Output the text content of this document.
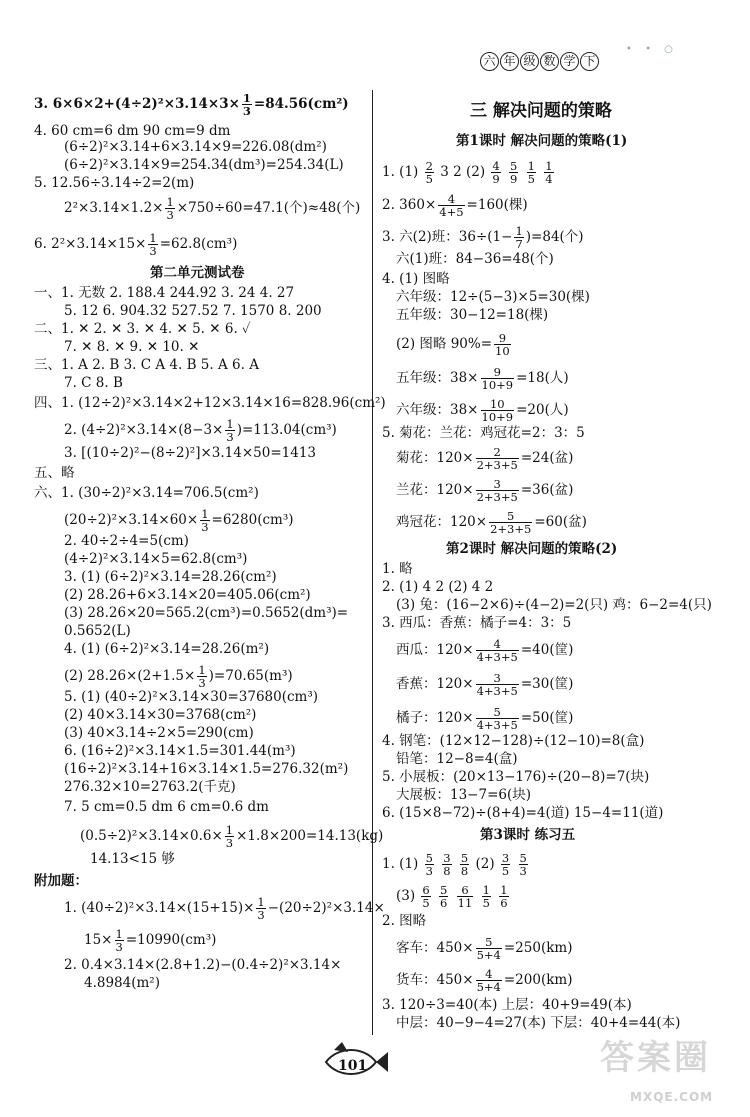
六 年 级 数 学 下
• • ○
3. $6\times 6\times 2+(4\div 2)^2\times 3.14\times 3\times \frac{1}{3} =84.56(cm^2)$
4. 60 cm=6 dm 90 cm=9 dm
(6÷2)²×3.14+6×3.14×9=226.08(dm²)
(6÷2)²×3.14×9=254.34(dm³)=254.34(L)
5. 12.56÷3.14÷2=2(m)
$2^2\times 3.14\times 1.2\times \frac{1}{3} \times 750\div 60=47.1$(个)≈48(个)
6. $2^2\times 3.14\times 15\times \frac{1}{3} =62.8(cm^3)$
第二单元测试卷
一、1. 无数 2. 188.4 244.92 3. 24 4. 27
5. 12 6. 904.32 527.52 7. 1570 8. 200
二、1. ✕ 2. ✕ 3. ✕ 4. ✕ 5. ✕ 6. ✓
7. ✕ 8. ✕ 9. ✕ 10. ✕
三、1. A 2. B 3. C A 4. B 5. A 6. A
7. C 8. B
四、1. (12÷2)²×3.14×2+12×3.14×16=828.96(cm²)
2. $(4\div 2)^2\times 3.14\times(8-3\times \frac{1}{3} )=113.04(cm^3)$
3. [(10÷2)²−(8÷2)²]×3.14×50=1413
五、略
六、1. (30÷2)²×3.14=706.5(cm²)
$(20\div 2)^2\times 3.14\times 60\times \frac{1}{3} =6280(cm^3)$
2. 40÷2÷4=5(cm)
(4÷2)²×3.14×5=62.8(cm³)
3. (1) (6÷2)²×3.14=28.26(cm²)
(2) 28.26+6×3.14×20=405.06(cm²)
(3) 28.26×20=565.2(cm³)=0.5652(dm³)=
0.5652(L)
4. (1) (6÷2)²×3.14=28.26(m²)
(2) $28.26\times(2+1.5\times \frac{1}{3} )=70.65(m^3)$
5. (1) (40÷2)²×3.14×30=37680(cm³)
(2) 40×3.14×30=3768(cm²)
(3) 40×3.14÷2×5=290(cm)
6. (16÷2)²×3.14×1.5=301.44(m³)
(16÷2)²×3.14+16×3.14×1.5=276.32(m²)
276.32×10=2763.2(千克)
7. 5 cm=0.5 dm 6 cm=0.6 dm
$(0.5\div 2)^2\times 3.14\times 0.6\times \frac{1}{3} \times 1.8\times 200=14.13(kg)$
14.13<15 够
附加题：
1. $(40\div 2)^2\times 3.14\times(15+15)\times \frac{1}{3} -(20\div 2)^2\times 3.14\times$
$15\times \frac{1}{3} =10990(cm^3)$
2. 0.4×3.14×(2.8+1.2)−(0.4÷2)²×3.14×
4.8984(m²)
三 解决问题的策略
第1课时 解决问题的策略(1)
1. $(1) \frac{2}{5} 3$ 2 $(2) \frac{4}{9}$
$\frac{5}{9}$
$\frac{1}{5}$
$\frac{1}{4}$
2. $360\times \frac{4}{4+5} =160$(棵)
3. 六(2)班：$36\div(1- \frac{1}{7} )=84$(个)
六(1)班：84−36=48(个)
4. (1) 图略
六年级：12÷(5−3)×5=30(棵)
五年级：30−12=18(棵)
(2) 图略 $90\%= \frac{9}{10}$
五年级：$38\times \frac{9}{10+9} =18$(人)
六年级：$38\times \frac{10}{10+9} =20$(人)
5. 菊花：兰花：鸡冠花=2：3：5
菊花：$120\times \frac{2}{2+3+5} =24$(盆)
兰花：$120\times \frac{3}{2+3+5} =36$(盆)
鸡冠花：$120\times \frac{5}{2+3+5} =60$(盆)
第2课时 解决问题的策略(2)
1. 略
2. (1) 4 2 (2) 4 2
(3) 兔：(16−2×6)÷(4−2)=2(只) 鸡：6−2=4(只)
3. 西瓜：香蕉：橘子=4：3：5
西瓜：$120\times \frac{4}{4+3+5} =40$(筐)
香蕉：$120\times \frac{3}{4+3+5} =30$(筐)
橘子：$120\times \frac{5}{4+3+5} =50$(筐)
4. 钢笔：(12×12−128)÷(12−10)=8(盒)
铅笔：12−8=4(盒)
5. 小展板：(20×13−176)÷(20−8)=7(块)
大展板：13−7=6(块)
6. (15×8−72)÷(8+4)=4(道) 15−4=11(道)
第3课时 练习五
1. $(1) \frac{5}{3}$
$\frac{3}{8}$
$\frac{5}{8} (2) \frac{3}{5}$
$\frac{5}{3}$
$(3) \frac{6}{5}$
$\frac{5}{6}$
$\frac{6}{11}$
$\frac{1}{5}$
$\frac{1}{6}$
2. 图略
客车：$450\times \frac{5}{5+4} =250(km)$
货车：$450\times \frac{4}{5+4} =200(km)$
3. 120÷3=40(本) 上层：40+9=49(本)
中层：40−9−4=27(本) 下层：40+4=44(本)
101	答案圈
MXQE.COM
